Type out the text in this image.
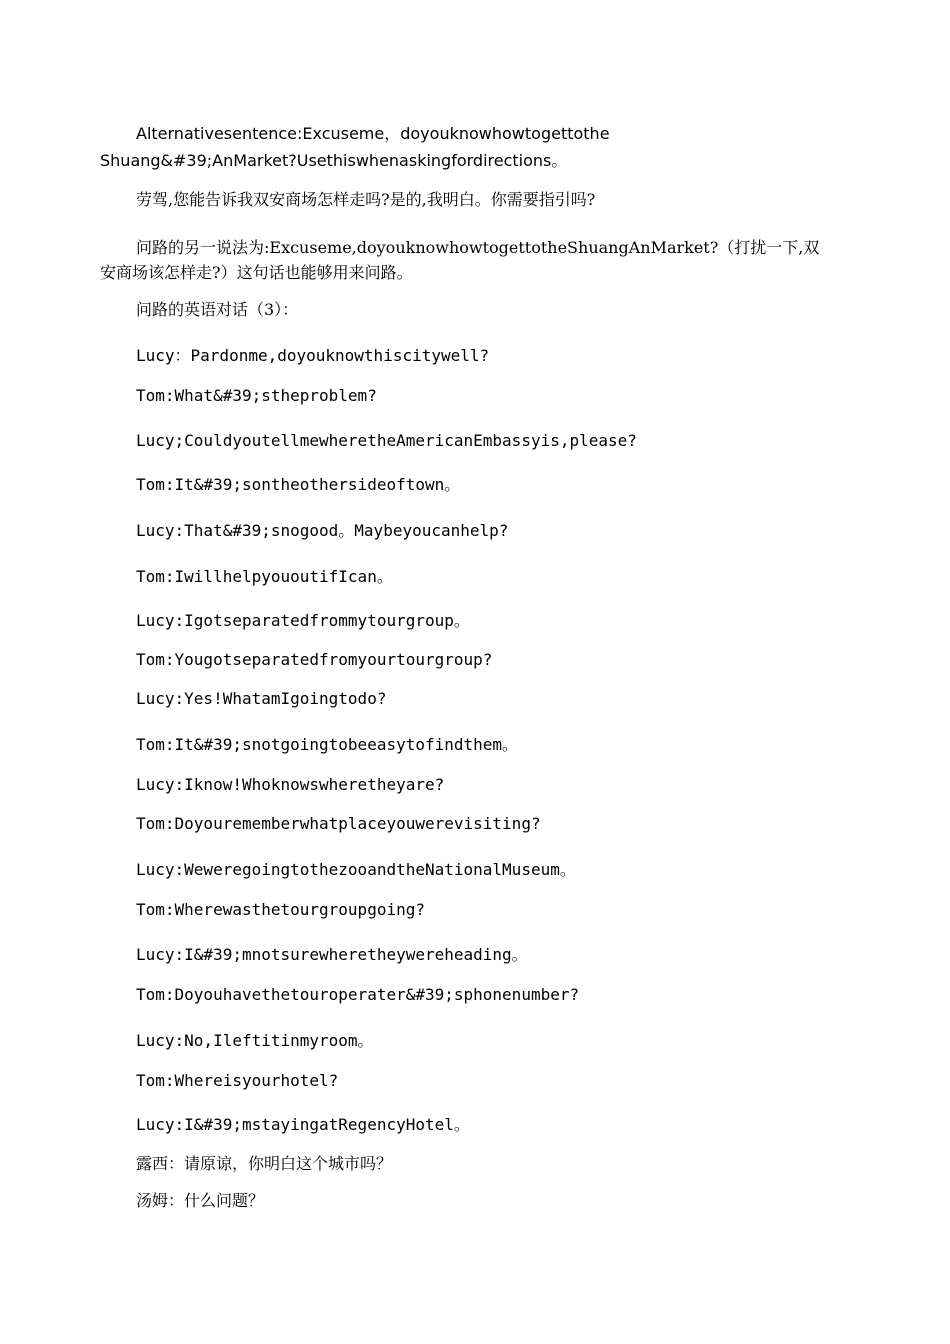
Alternativesentence:Excuseme，doyouknowhowtogettothe
Shuang&#39;AnMarket?Usethiswhenaskingfordirections。
劳驾,您能告诉我双安商场怎样走吗?是的,我明白。你需要指引吗?
问路的另一说法为:Excuseme,doyouknowhowtogettotheShuangAnMarket?（打扰一下,双安商场该怎样走?）这句话也能够用来问路。
问路的英语对话（3）：
Lucy：Pardonme,doyouknowthiscitywell?
Tom:What&#39;stheproblem?
Lucy;CouldyoutellmewheretheAmericanEmbassyis,please?
Tom:It&#39;sontheothersideoftown。
Lucy:That&#39;snogood。Maybeyoucanhelp?
Tom:IwillhelpyououtifIcan。
Lucy:Igotseparatedfrommytourgroup。
Tom:Yougotseparatedfromyourtourgroup?
Lucy:Yes!WhatamIgoingtodo?
Tom:It&#39;snotgoingtobeeasytofindthem。
Lucy:Iknow!Whoknowswheretheyare?
Tom:Doyourememberwhatplaceyouwerevisiting?
Lucy:WeweregoingtothezooandtheNationalMuseum。
Tom:Wherewasthetourgroupgoing?
Lucy:I&#39;mnotsurewheretheywereheading。
Tom:Doyouhavethetouroperater&#39;sphonenumber?
Lucy:No,Ileftitinmyroom。
Tom:Whereisyourhotel?
Lucy:I&#39;mstayingatRegencyHotel。
露西：请原谅，你明白这个城市吗？
汤姆：什么问题？
